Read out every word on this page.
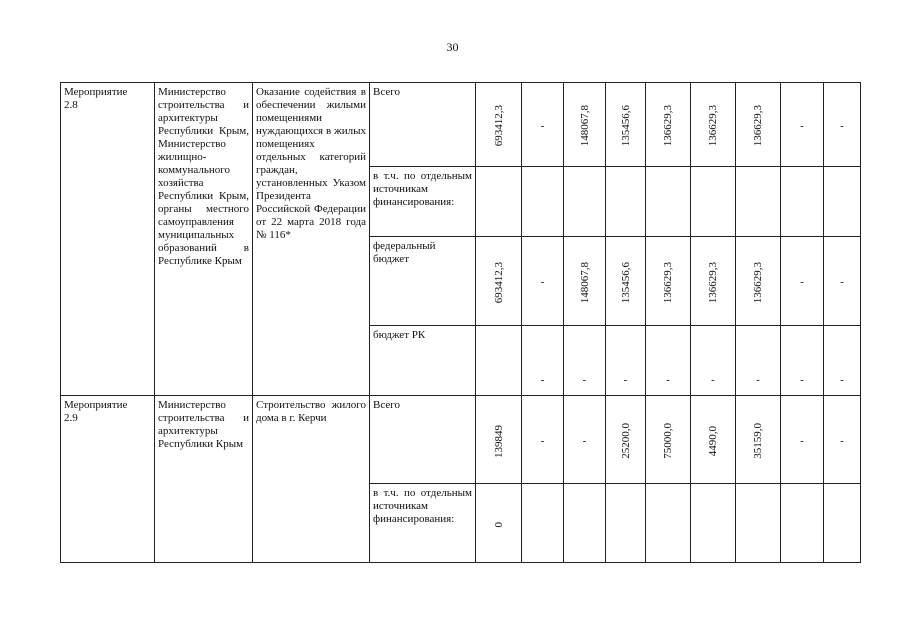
30
Мероприятие
2.8	Министерство строительства и архитектуры Республики Крым, Министерство жилищно-коммунального хозяйства Республики Крым, органы местного самоуправления муниципальных образований в Республике Крым	Оказание содействия в обеспечении жилыми помещениями нуждающихся в жилых помещениях отдельных категорий граждан, установленных Указом Президента Российской Федерации от 22 марта 2018 года № 116*	Всего	693412,3	-	148067,8	135456,6	136629,3	136629,3	136629,3	-	-

			в т.ч. по отдельным источникам финансирования:									
			федеральный бюджет	693412,3	-	148067,8	135456,6	136629,3	136629,3	136629,3	-	-

			бюджет РК		-	-	-	-	-	-	-	-

Мероприятие
2.9	Министерство строительства и архитектуры Республики Крым	Строительство жилого дома в г. Керчи	Всего	139849	-	-	25200,0	75000,0	4490,0	35159,0	-	-

			в т.ч. по отдельным источникам финансирования:	0								
